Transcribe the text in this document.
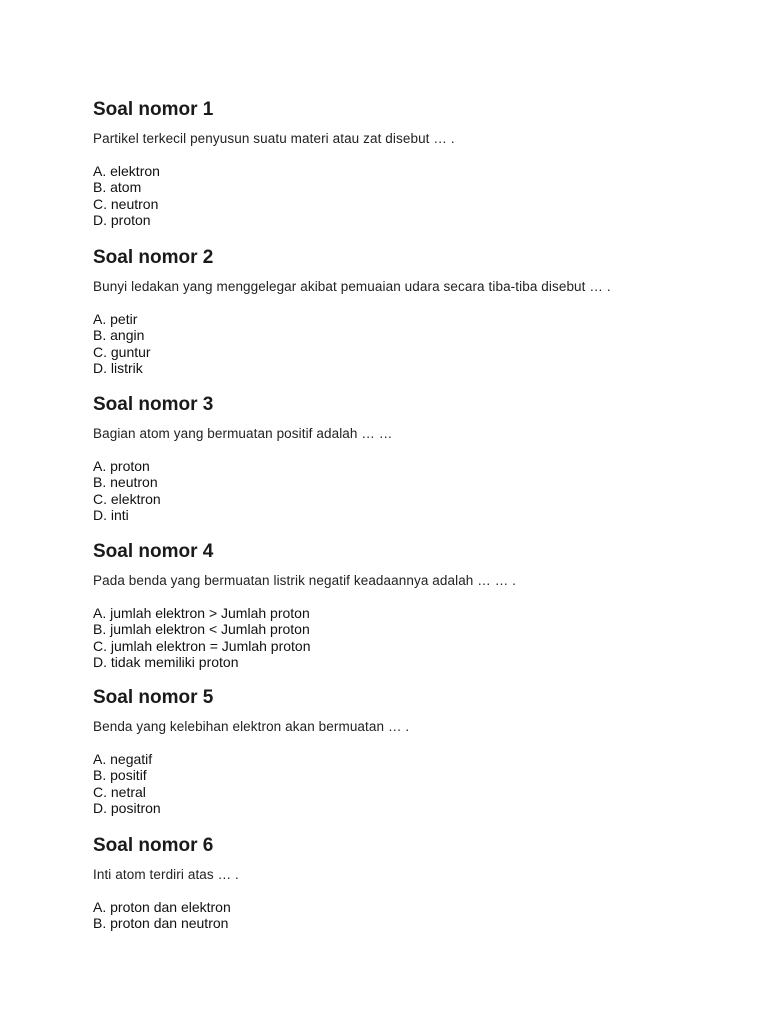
Soal nomor 1

Partikel terkecil penyusun suatu materi atau zat disebut … .

A. elektron
B. atom
C. neutron
D. proton
Soal nomor 2

Bunyi ledakan yang menggelegar akibat pemuaian udara secara tiba-tiba disebut … .

A. petir
B. angin
C. guntur
D. listrik
Soal nomor 3

Bagian atom yang bermuatan positif adalah … …

A. proton
B. neutron
C. elektron
D. inti
Soal nomor 4

Pada benda yang bermuatan listrik negatif keadaannya adalah … … .

A. jumlah elektron > Jumlah proton
B. jumlah elektron < Jumlah proton
C. jumlah elektron = Jumlah proton
D. tidak memiliki proton
Soal nomor 5

Benda yang kelebihan elektron akan bermuatan … .

A. negatif
B. positif
C. netral
D. positron
Soal nomor 6

Inti atom terdiri atas … .

A. proton dan elektron
B. proton dan neutron
